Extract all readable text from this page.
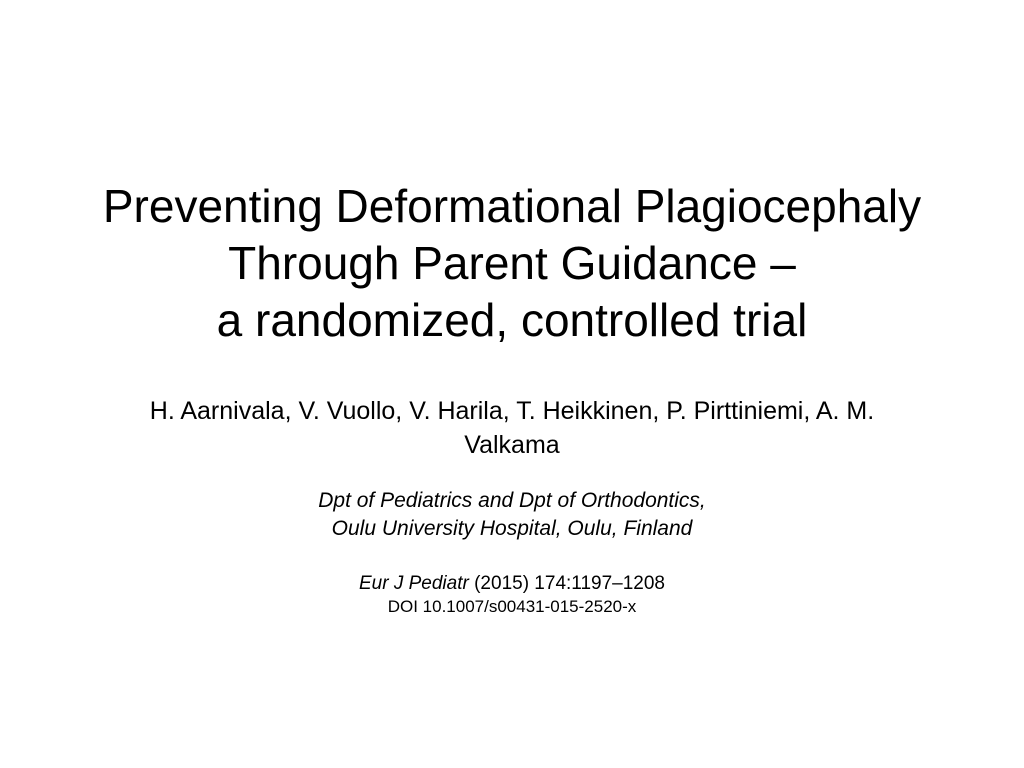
Preventing Deformational Plagiocephaly
Through Parent Guidance –
a randomized, controlled trial

H. Aarnivala, V. Vuollo, V. Harila, T. Heikkinen, P. Pirttiniemi, A. M.
Valkama

Dpt of Pediatrics and Dpt of Orthodontics,
Oulu University Hospital, Oulu, Finland

Eur J Pediatr (2015) 174:1197–1208
DOI 10.1007/s00431-015-2520-x
